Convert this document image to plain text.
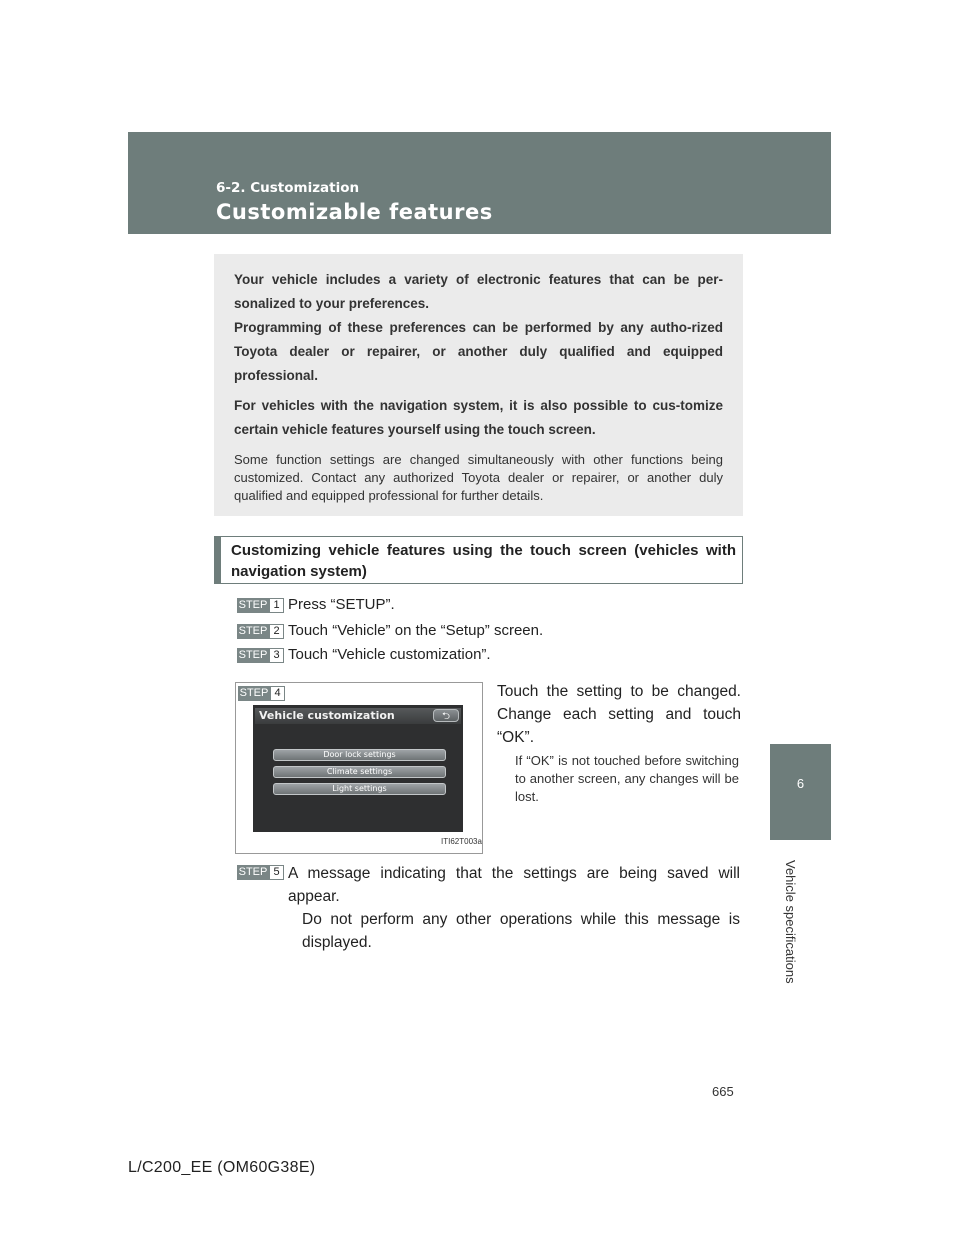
6-2. Customization
Customizable features
6
Vehicle specifications

Your vehicle includes a variety of electronic features that can be per-sonalized to your preferences.

Programming of these preferences can be performed by any autho-rized Toyota dealer or repairer, or another duly qualified and equipped professional.

For vehicles with the navigation system, it is also possible to cus-tomize certain vehicle features yourself using the touch screen.

Some function settings are changed simultaneously with other functions being customized. Contact any authorized Toyota dealer or repairer, or another duly qualified and equipped professional for further details.

Customizing vehicle features using the touch screen (vehicles with navigation system)
STEP 1 Press “SETUP”.
STEP 2 Touch “Vehicle” on the “Setup” screen.
STEP 3 Touch “Vehicle customization”.
STEP 4
Vehicle customization	⮌
Door lock settings
Climate settings
Light settings
ITI62T003a

Touch the setting to be changed. Change each setting and touch “OK”.

If “OK” is not touched before switching to another screen, any changes will be lost.
STEP 5 A message indicating that the settings are being saved will appear.

Do not perform any other operations while this message is displayed.

665
L/C200_EE (OM60G38E)
